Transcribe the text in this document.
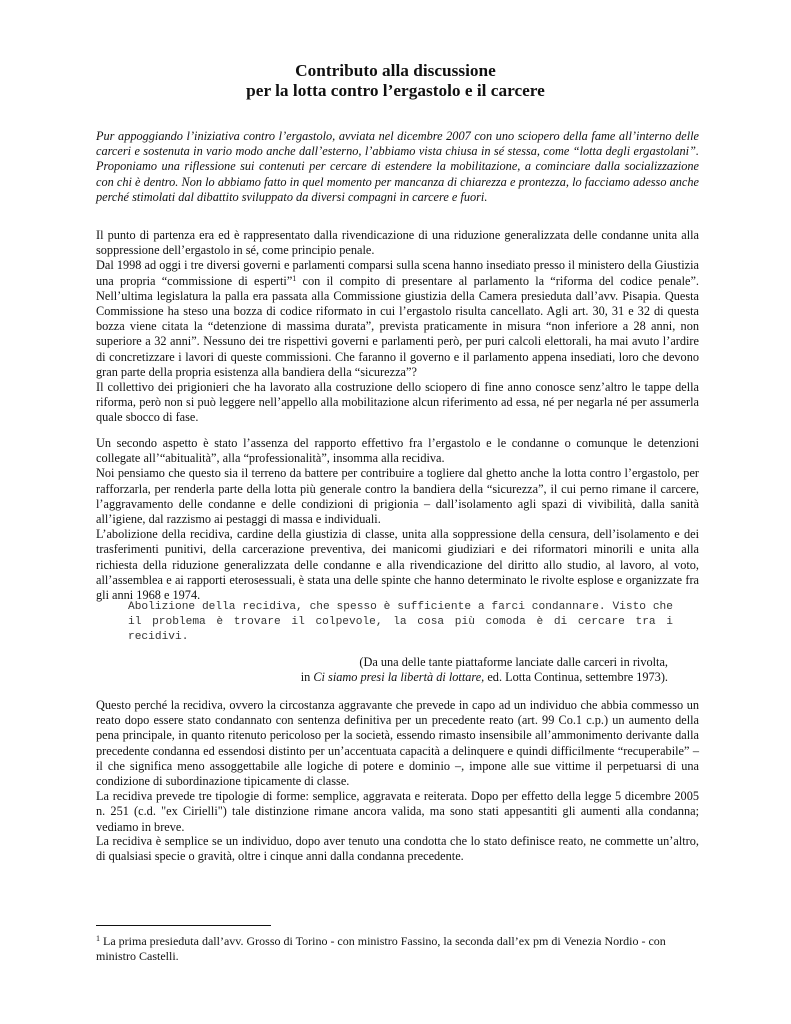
Contributo alla discussione
per la lotta contro l’ergastolo e il carcere

Pur appoggiando l’iniziativa contro l’ergastolo, avviata nel dicembre 2007 con uno sciopero della fame all’interno delle carceri e sostenuta in vario modo anche dall’esterno, l’abbiamo vista chiusa in sé stessa, come “lotta degli ergastolani”. Proponiamo una riflessione sui contenuti per cercare di estendere la mobilitazione, a cominciare dalla socializzazione con chi è dentro. Non lo abbiamo fatto in quel momento per mancanza di chiarezza e prontezza, lo facciamo adesso anche perché stimolati dal dibattito sviluppato da diversi compagni in carcere e fuori.

Il punto di partenza era ed è rappresentato dalla rivendicazione di una riduzione generalizzata delle condanne unita alla soppressione dell’ergastolo in sé, come principio penale.

Dal 1998 ad oggi i tre diversi governi e parlamenti comparsi sulla scena hanno insediato presso il ministero della Giustizia una propria “commissione di esperti”$^1$ con il compito di presentare al parlamento la “riforma del codice penale”. Nell’ultima legislatura la palla era passata alla Commissione giustizia della Camera presieduta dall’avv. Pisapia. Questa Commissione ha steso una bozza di codice riformato in cui l’ergastolo risulta cancellato. Agli art. 30, 31 e 32 di questa bozza viene citata la “detenzione di massima durata”, prevista praticamente in misura “non inferiore a 28 anni, non superiore a 32 anni”. Nessuno dei tre rispettivi governi e parlamenti però, per puri calcoli elettorali, ha mai avuto l’ardire di concretizzare i lavori di queste commissioni. Che faranno il governo e il parlamento appena insediati, loro che devono gran parte della propria esistenza alla bandiera della “sicurezza”?

Il collettivo dei prigionieri che ha lavorato alla costruzione dello sciopero di fine anno conosce senz’altro le tappe della riforma, però non si può leggere nell’appello alla mobilitazione alcun riferimento ad essa, né per negarla né per assumerla quale sbocco di fase.

Un secondo aspetto è stato l’assenza del rapporto effettivo fra l’ergastolo e le condanne o comunque le detenzioni collegate all’“abitualità”, alla “professionalità”, insomma alla recidiva.

Noi pensiamo che questo sia il terreno da battere per contribuire a togliere dal ghetto anche la lotta contro l’ergastolo, per rafforzarla, per renderla parte della lotta più generale contro la bandiera della “sicurezza”, il cui perno rimane il carcere, l’aggravamento delle condanne e delle condizioni di prigionia – dall’isolamento agli spazi di vivibilità, dalla sanità all’igiene, dal razzismo ai pestaggi di massa e individuali.

L’abolizione della recidiva, cardine della giustizia di classe, unita alla soppressione della censura, dell’isolamento e dei trasferimenti punitivi, della carcerazione preventiva, dei manicomi giudiziari e dei riformatori minorili e unita alla richiesta della riduzione generalizzata delle condanne e alla rivendicazione del diritto allo studio, al lavoro, al voto, all’assemblea e ai rapporti eterosessuali, è stata una delle spinte che hanno determinato le rivolte esplose e organizzate fra gli anni 1968 e 1974.

Abolizione della recidiva, che spesso è sufficiente a farci condannare. Visto che il problema è trovare il colpevole, la cosa più comoda è di cercare tra i recidivi.
(Da una delle tante piattaforme lanciate dalle carceri in rivolta,
in Ci siamo presi la libertà di lottare, ed. Lotta Continua, settembre 1973).

Questo perché la recidiva, ovvero la circostanza aggravante che prevede in capo ad un individuo che abbia commesso un reato dopo essere stato condannato con sentenza definitiva per un precedente reato (art. 99 Co.1 c.p.) un aumento della pena principale, in quanto ritenuto pericoloso per la società, essendo rimasto insensibile all’ammonimento derivante dalla precedente condanna ed essendosi distinto per un’accentuata capacità a delinquere e quindi difficilmente “recuperabile” – il che significa meno assoggettabile alle logiche di potere e dominio –, impone alle sue vittime il perpetuarsi di una condizione di subordinazione tipicamente di classe.

La recidiva prevede tre tipologie di forme: semplice, aggravata e reiterata. Dopo per effetto della legge 5 dicembre 2005 n. 251 (c.d. "ex Cirielli") tale distinzione rimane ancora valida, ma sono stati appesantiti gli aumenti alla condanna; vediamo in breve.

La recidiva è semplice se un individuo, dopo aver tenuto una condotta che lo stato definisce reato, ne commette un’altro, di qualsiasi specie o gravità, oltre i cinque anni dalla condanna precedente.

$^1$ La prima presieduta dall’avv. Grosso di Torino - con ministro Fassino, la seconda dall’ex pm di Venezia Nordio - con ministro Castelli.
